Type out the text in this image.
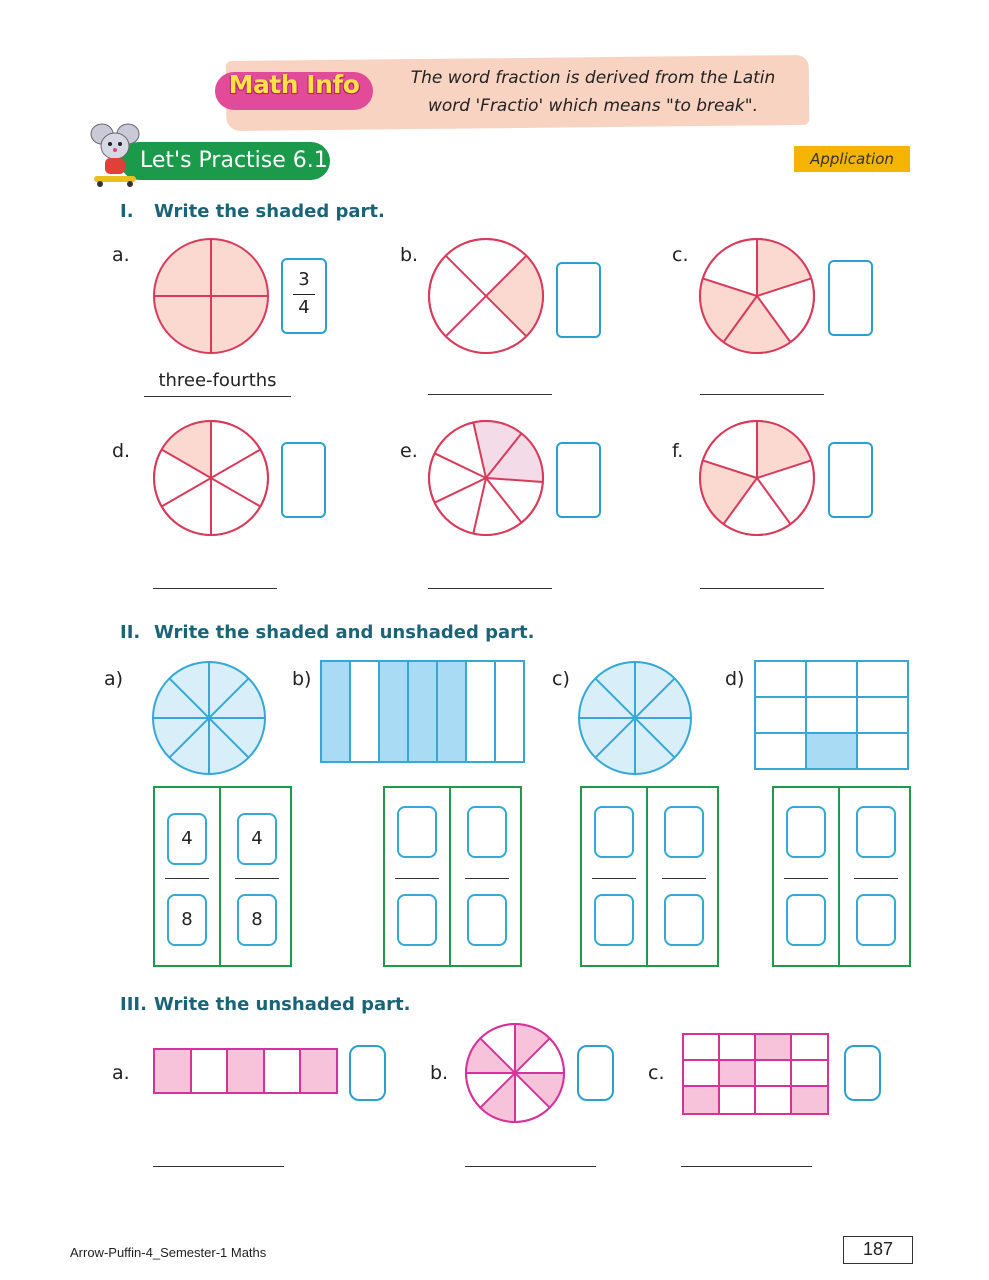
Math Info	The word fraction is derived from the Latin
word 'Fractio' which means "to break".
Let's Practise 6.1	Application
I. Write the shaded part.
a.	b.	c.
d.	e.	f.
3
4
three-fourths
II. Write the shaded and unshaded part.
a)	b)	c)	d)
4
8
4
8
III. Write the unshaded part.
a.	b.	c.
Arrow-Puffin-4_Semester-1 Maths	187
